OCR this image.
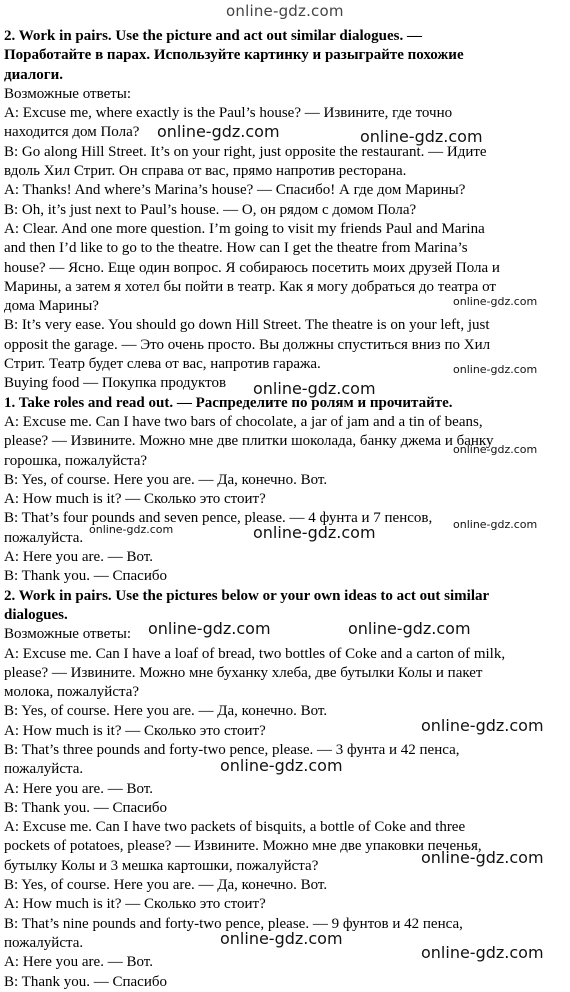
2. Work in pairs. Use the picture and act out similar dialogues. —
Поработайте в парах. Используйте картинку и разыграйте похожие
диалоги.
Возможные ответы:
A: Excuse me, where exactly is the Paul’s house? — Извините, где точно
находится дом Пола?
B: Go along Hill Street. It’s on your right, just opposite the restaurant. — Идите
вдоль Хил Стрит. Он справа от вас, прямо напротив ресторана.
A: Thanks! And where’s Marina’s house? — Спасибо! А где дом Марины?
B: Oh, it’s just next to Paul’s house. — О, он рядом с домом Пола?
A: Clear. And one more question. I’m going to visit my friends Paul and Marina
and then I’d like to go to the theatre. How can I get the theatre from Marina’s
house? — Ясно. Еще один вопрос. Я собираюсь посетить моих друзей Пола и
Марины, а затем я хотел бы пойти в театр. Как я могу добраться до театра от
дома Марины?
B: It’s very ease. You should go down Hill Street. The theatre is on your left, just
opposit the garage. — Это очень просто. Вы должны спуститься вниз по Хил
Стрит. Театр будет слева от вас, напротив гаража.
Buying food — Покупка продуктов
1. Take roles and read out. — Распределите по ролям и прочитайте.
A: Excuse me. Can I have two bars of chocolate, a jar of jam and a tin of beans,
please? — Извините. Можно мне две плитки шоколада, банку джема и банку
горошка, пожалуйста?
B: Yes, of course. Here you are. — Да, конечно. Вот.
A: How much is it? — Сколько это стоит?
B: That’s four pounds and seven pence, please. — 4 фунта и 7 пенсов,
пожалуйста.
A: Here you are. — Вот.
B: Thank you. — Спасибо
2. Work in pairs. Use the pictures below or your own ideas to act out similar
dialogues.
Возможные ответы:
A: Excuse me. Can I have a loaf of bread, two bottles of Coke and a carton of milk,
please? — Извините. Можно мне буханку хлеба, две бутылки Колы и пакет
молока, пожалуйста?
B: Yes, of course. Here you are. — Да, конечно. Вот.
A: How much is it? — Сколько это стоит?
B: That’s three pounds and forty-two pence, please. — 3 фунта и 42 пенса,
пожалуйста.
A: Here you are. — Вот.
B: Thank you. — Спасибо
A: Excuse me. Can I have two packets of bisquits, a bottle of Coke and three
pockets of potatoes, please? — Извините. Можно мне две упаковки печенья,
бутылку Колы и 3 мешка картошки, пожалуйста?
B: Yes, of course. Here you are. — Да, конечно. Вот.
A: How much is it? — Сколько это стоит?
B: That’s nine pounds and forty-two pence, please. — 9 фунтов и 42 пенса,
пожалуйста.
A: Here you are. — Вот.
B: Thank you. — Спасибо
online-gdz.com
online-gdz.com	online-gdz.com
online-gdz.com
online-gdz.com
online-gdz.com
online-gdz.com
online-gdz.com	online-gdz.com	online-gdz.com
online-gdz.com	online-gdz.com
online-gdz.com
online-gdz.com
online-gdz.com
online-gdz.com
online-gdz.com
